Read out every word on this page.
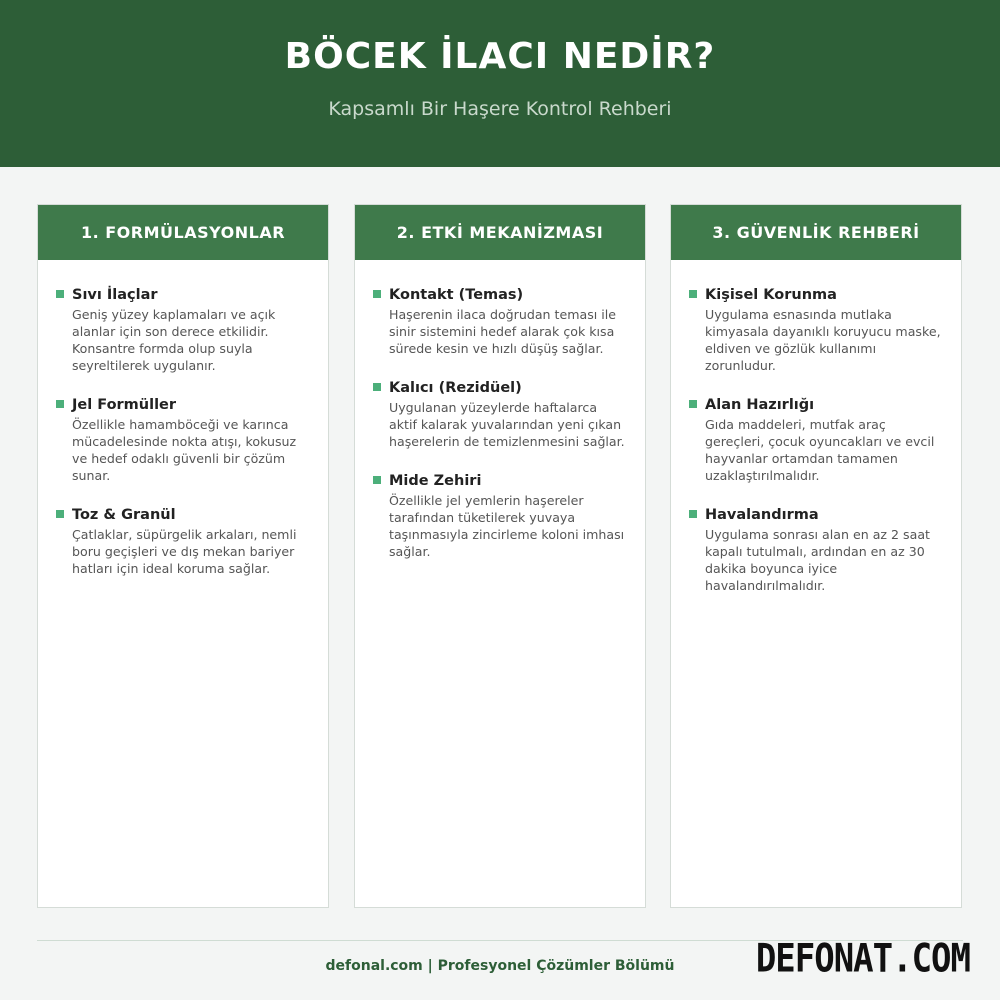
BÖCEK İLACI NEDİR?
Kapsamlı Bir Haşere Kontrol Rehberi
1. FORMÜLASYONLAR
Sıvı İlaçlar
Geniş yüzey kaplamaları ve açık alanlar için son derece etkilidir. Konsantre formda olup suyla seyreltilerek uygulanır.
Jel Formüller
Özellikle hamamböceği ve karınca mücadelesinde nokta atışı, kokusuz ve hedef odaklı güvenli bir çözüm sunar.
Toz & Granül
Çatlaklar, süpürgelik arkaları, nemli boru geçişleri ve dış mekan bariyer hatları için ideal koruma sağlar.
2. ETKİ MEKANİZMASI
Kontakt (Temas)
Haşerenin ilaca doğrudan teması ile sinir sistemini hedef alarak çok kısa sürede kesin ve hızlı düşüş sağlar.
Kalıcı (Rezidüel)
Uygulanan yüzeylerde haftalarca aktif kalarak yuvalarından yeni çıkan haşerelerin de temizlenmesini sağlar.
Mide Zehiri
Özellikle jel yemlerin haşereler tarafından tüketilerek yuvaya taşınmasıyla zincirleme koloni imhası sağlar.
3. GÜVENLİK REHBERİ
Kişisel Korunma
Uygulama esnasında mutlaka kimyasala dayanıklı koruyucu maske, eldiven ve gözlük kullanımı zorunludur.
Alan Hazırlığı
Gıda maddeleri, mutfak araç gereçleri, çocuk oyuncakları ve evcil hayvanlar ortamdan tamamen uzaklaştırılmalıdır.
Havalandırma
Uygulama sonrası alan en az 2 saat kapalı tutulmalı, ardından en az 30 dakika boyunca iyice havalandırılmalıdır.
defonal.com | Profesyonel Çözümler Bölümü	DEFONAT.COM
